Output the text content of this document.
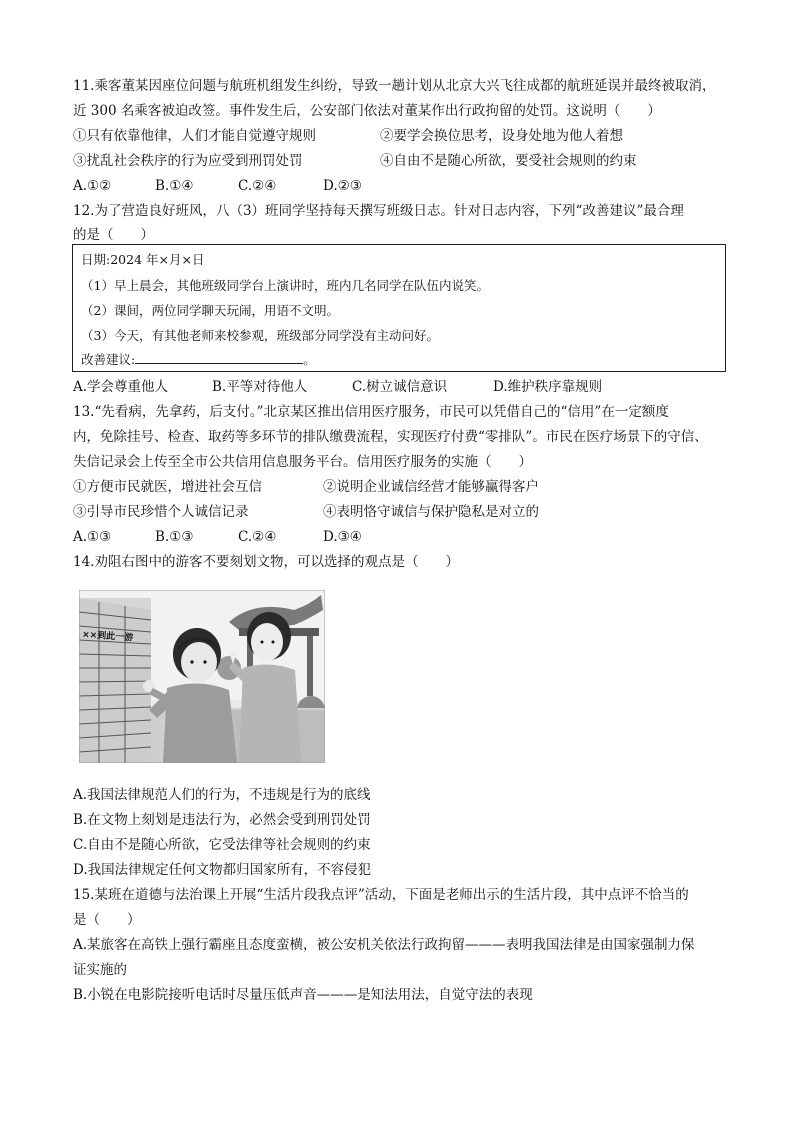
11.乘客董某因座位问题与航班机组发生纠纷，导致一趟计划从北京大兴飞往成都的航班延误并最终被取消，
近 300 名乘客被迫改签。事件发生后，公安部门依法对董某作出行政拘留的处罚。这说明（　　）
①只有依靠他律，人们才能自觉遵守规则	②要学会换位思考，设身处地为他人着想
③扰乱社会秩序的行为应受到刑罚处罚	④自由不是随心所欲，要受社会规则的约束
A.①②	B.①④	C.②④	D.②③
12.为了营造良好班风，八（3）班同学坚持每天撰写班级日志。针对日志内容，下列“改善建议”最合理
的是（　　）
日期:2024 年×月×日
（1）早上晨会，其他班级同学台上演讲时，班内几名同学在队伍内说笑。
（2）课间，两位同学聊天玩闹，用语不文明。
（3）今天，有其他老师来校参观，班级部分同学没有主动问好。
改善建议:	。
A.学会尊重他人	B.平等对待他人	C.树立诚信意识	D.维护秩序靠规则
13.“先看病，先拿药，后支付。”北京某区推出信用医疗服务，市民可以凭借自己的“信用”在一定额度
内，免除挂号、检查、取药等多环节的排队缴费流程，实现医疗付费“零排队”。市民在医疗场景下的守信、
失信记录会上传至全市公共信用信息服务平台。信用医疗服务的实施（　　）
①方便市民就医，增进社会互信	②说明企业诚信经营才能够赢得客户
③引导市民珍惜个人诚信记录	④表明恪守诚信与保护隐私是对立的
A.①③	B.①③	C.②④	D.③④
14.劝阻右图中的游客不要刻划文物，可以选择的观点是（　　）
××到此一游
A.我国法律规范人们的行为，不违规是行为的底线
B.在文物上刻划是违法行为，必然会受到刑罚处罚
C.自由不是随心所欲，它受法律等社会规则的约束
D.我国法律规定任何文物都归国家所有，不容侵犯
15.某班在道德与法治课上开展“生活片段我点评”活动，下面是老师出示的生活片段，其中点评不恰当的
是（　　）
A.某旅客在高铁上强行霸座且态度蛮横，被公安机关依法行政拘留———表明我国法律是由国家强制力保
证实施的
B.小锐在电影院接听电话时尽量压低声音———是知法用法，自觉守法的表现
